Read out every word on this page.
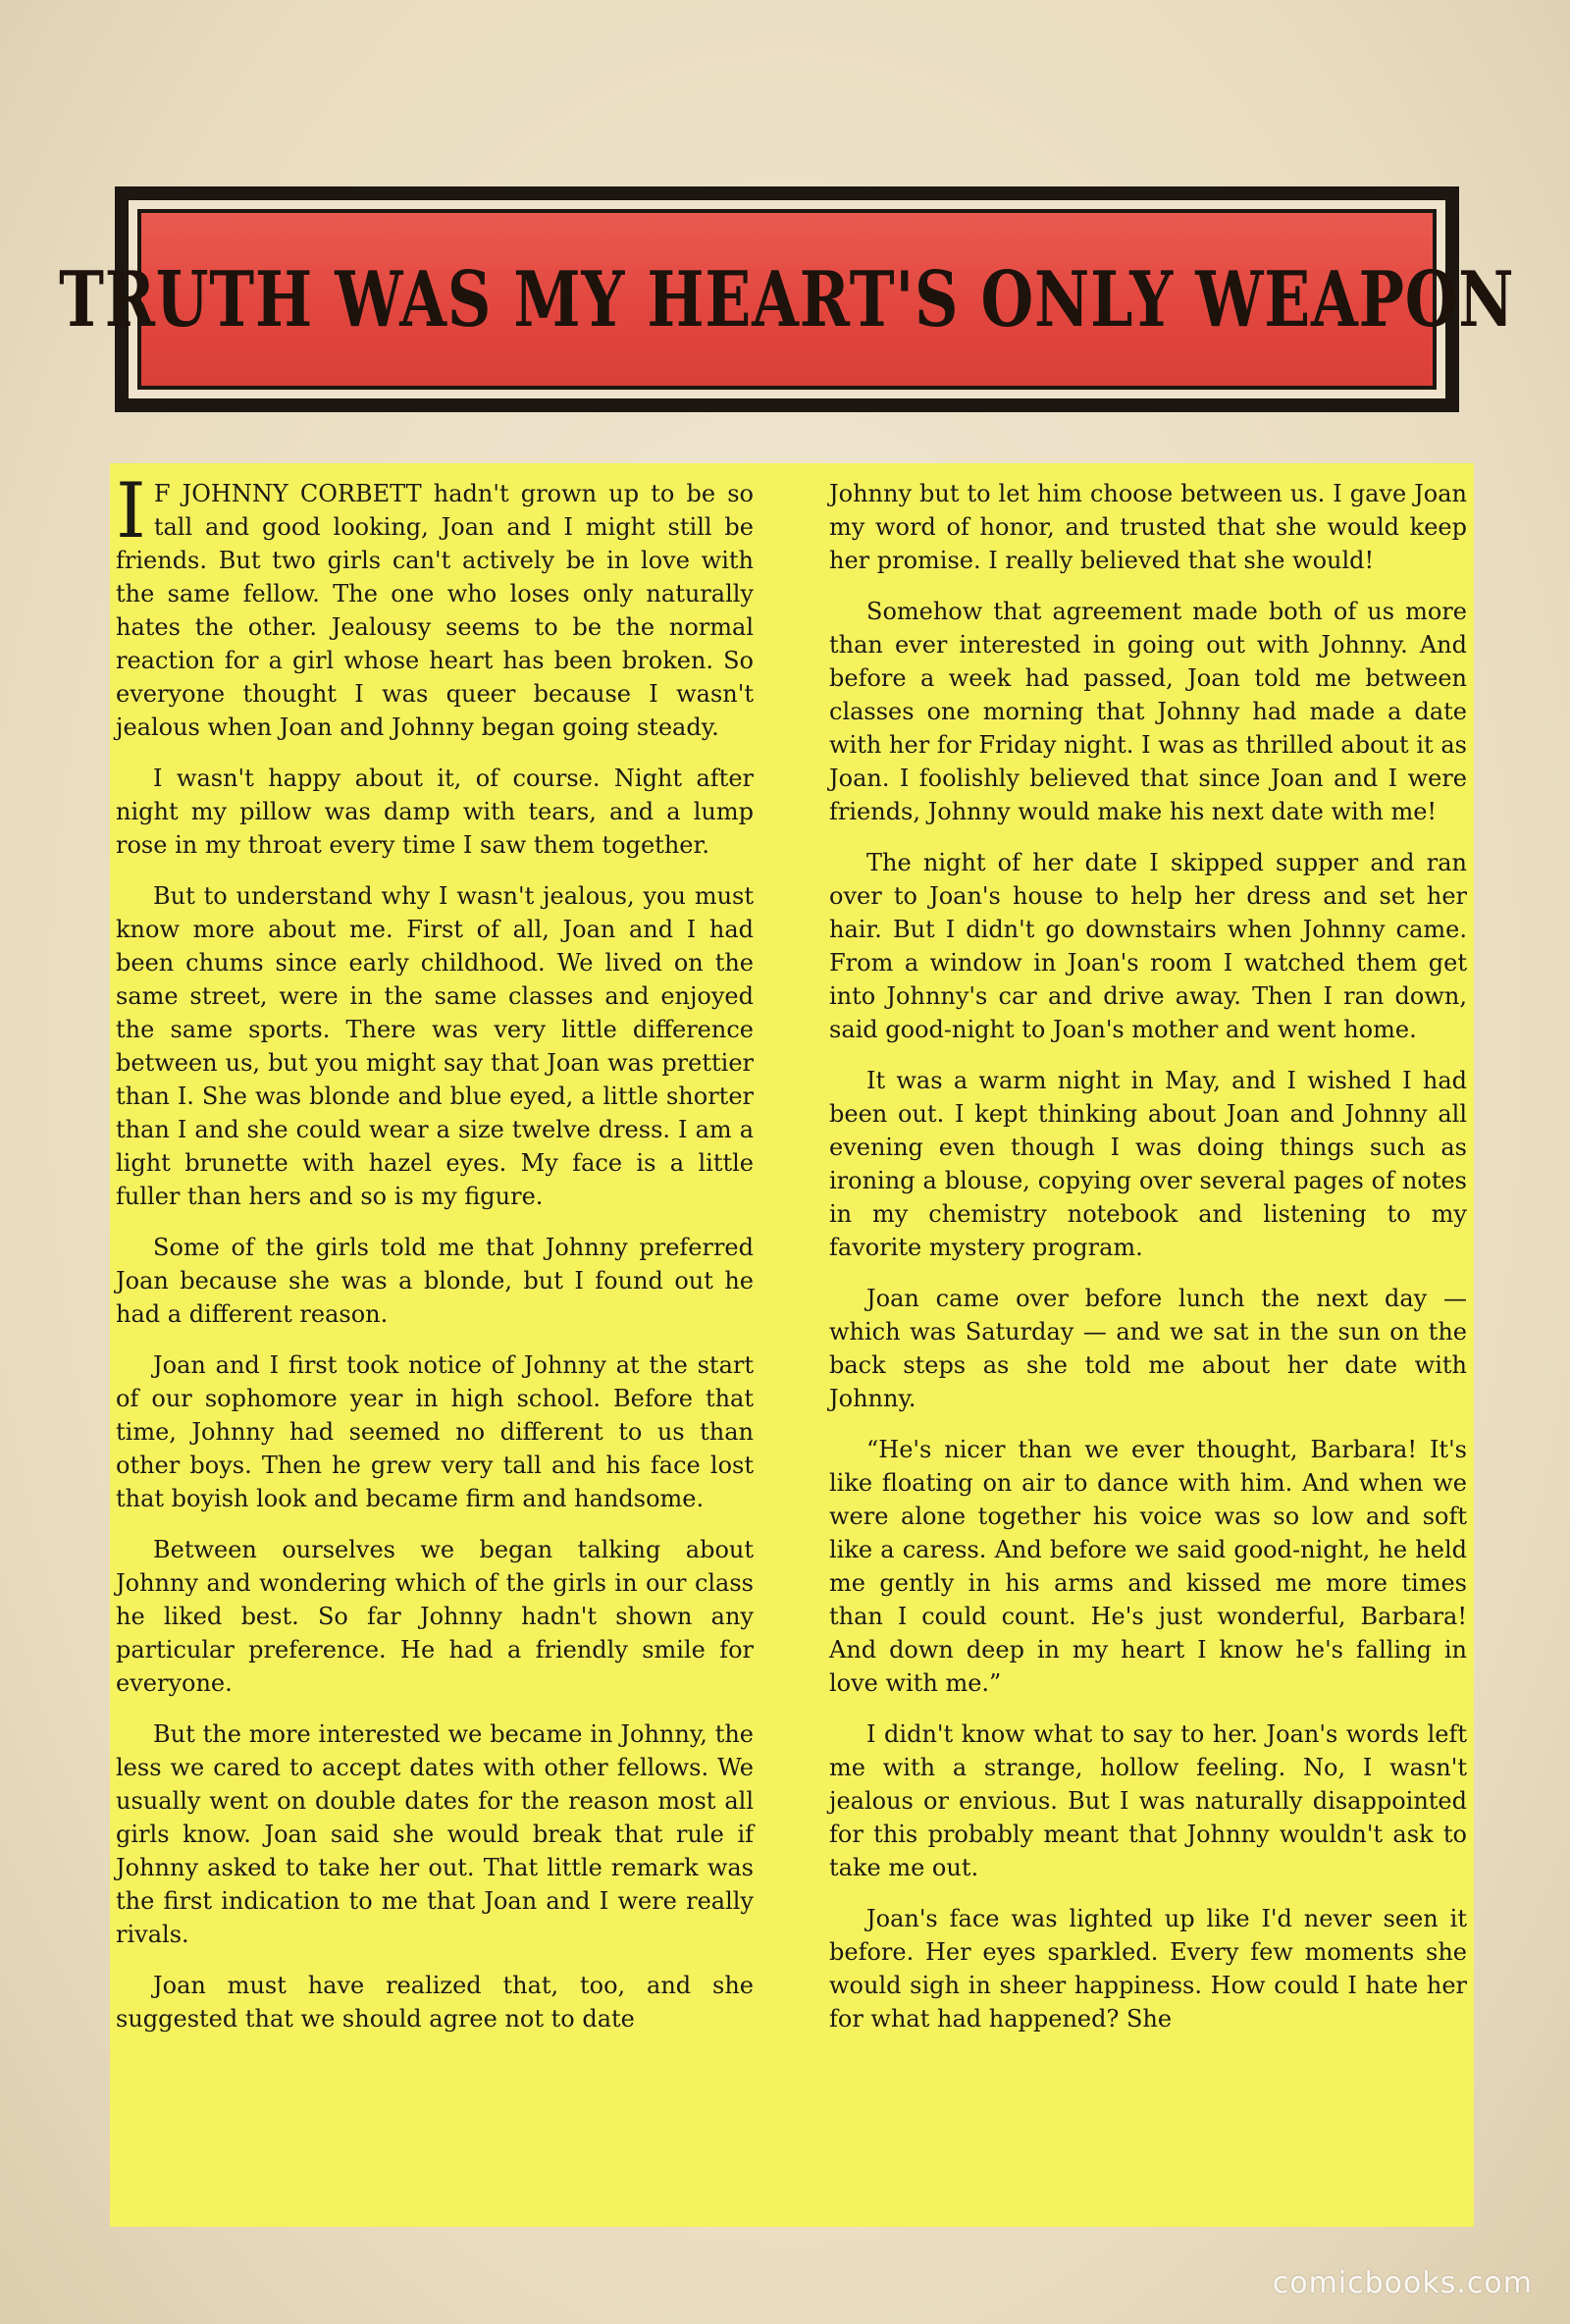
TRUTH WAS MY HEART'S ONLY WEAPON

I F JOHNNY CORBETT hadn't grown up to be so tall and good looking, Joan and I might still be friends. But two girls can't actively be in love with the same fellow. The one who loses only naturally hates the other. Jealousy seems to be the normal reaction for a girl whose heart has been broken. So everyone thought I was queer because I wasn't jealous when Joan and Johnny began going steady.

I wasn't happy about it, of course. Night after night my pillow was damp with tears, and a lump rose in my throat every time I saw them together.

But to understand why I wasn't jealous, you must know more about me. First of all, Joan and I had been chums since early childhood. We lived on the same street, were in the same classes and enjoyed the same sports. There was very little difference between us, but you might say that Joan was prettier than I. She was blonde and blue eyed, a little shorter than I and she could wear a size twelve dress. I am a light brunette with hazel eyes. My face is a little fuller than hers and so is my figure.

Some of the girls told me that Johnny preferred Joan because she was a blonde, but I found out he had a different reason.

Joan and I first took notice of Johnny at the start of our sophomore year in high school. Before that time, Johnny had seemed no different to us than other boys. Then he grew very tall and his face lost that boyish look and became firm and handsome.

Between ourselves we began talking about Johnny and wondering which of the girls in our class he liked best. So far Johnny hadn't shown any particular preference. He had a friendly smile for everyone.

But the more interested we became in Johnny, the less we cared to accept dates with other fellows. We usually went on double dates for the reason most all girls know. Joan said she would break that rule if Johnny asked to take her out. That little remark was the first indication to me that Joan and I were really rivals.

Joan must have realized that, too, and she suggested that we should agree not to date

Johnny but to let him choose between us. I gave Joan my word of honor, and trusted that she would keep her promise. I really believed that she would!

Somehow that agreement made both of us more than ever interested in going out with Johnny. And before a week had passed, Joan told me between classes one morning that Johnny had made a date with her for Friday night. I was as thrilled about it as Joan. I foolishly believed that since Joan and I were friends, Johnny would make his next date with me!

The night of her date I skipped supper and ran over to Joan's house to help her dress and set her hair. But I didn't go downstairs when Johnny came. From a window in Joan's room I watched them get into Johnny's car and drive away. Then I ran down, said good-night to Joan's mother and went home.

It was a warm night in May, and I wished I had been out. I kept thinking about Joan and Johnny all evening even though I was doing things such as ironing a blouse, copying over several pages of notes in my chemistry notebook and listening to my favorite mystery program.

Joan came over before lunch the next day — which was Saturday — and we sat in the sun on the back steps as she told me about her date with Johnny.

“He's nicer than we ever thought, Barbara! It's like floating on air to dance with him. And when we were alone together his voice was so low and soft like a caress. And before we said good-night, he held me gently in his arms and kissed me more times than I could count. He's just wonderful, Barbara! And down deep in my heart I know he's falling in love with me.”

I didn't know what to say to her. Joan's words left me with a strange, hollow feeling. No, I wasn't jealous or envious. But I was naturally disappointed for this probably meant that Johnny wouldn't ask to take me out.

Joan's face was lighted up like I'd never seen it before. Her eyes sparkled. Every few moments she would sigh in sheer happiness. How could I hate her for what had happened? She

comicbooks.com
